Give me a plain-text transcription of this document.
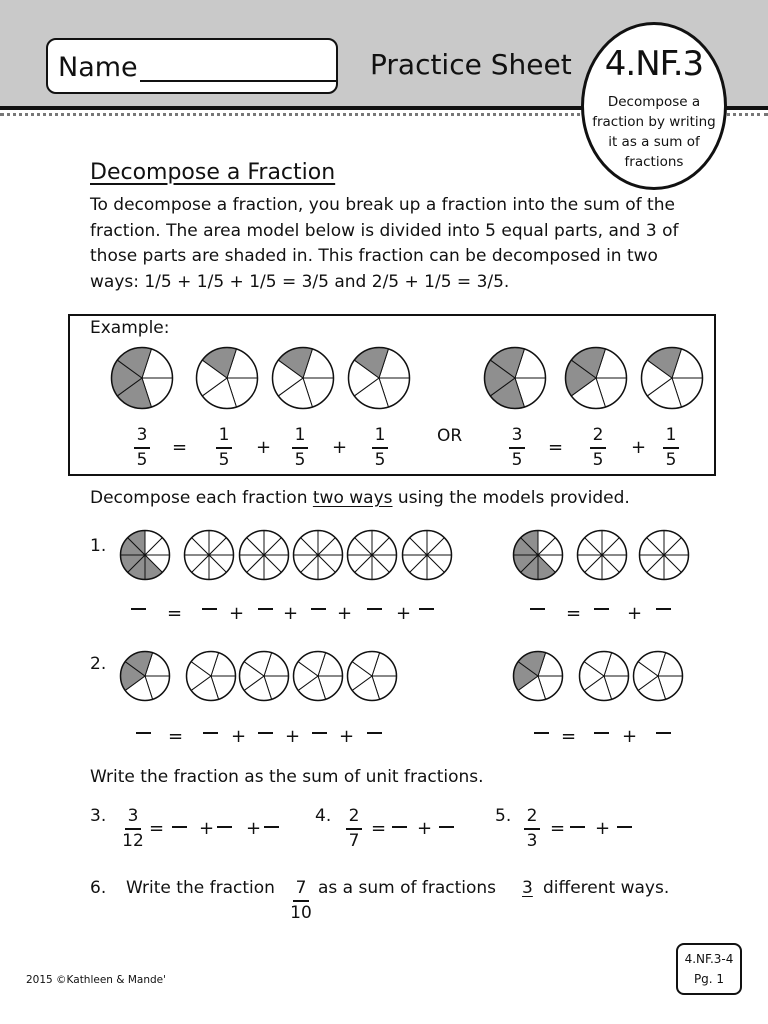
Name	Practice Sheet 4.NF.3
Decompose a fraction by writing it as a sum of fractions
Decompose a Fraction
To decompose a fraction, you break up a fraction into the sum of the fraction. The area model below is divided into 5 equal parts, and 3 of those parts are shaded in. This fraction can be decomposed in two ways: 1/5 + 1/5 + 1/5 = 3/5 and 2/5 + 1/5 = 3/5.
Example:
3
5
=
1
5
+
1
5
+
1
5
OR	3
5
=
2
5
+
1
5
Decompose each fraction two ways using the models provided.
1.
=	+ + + +	=	+
2.
=	+ + +	=	+
Write the fraction as the sum of unit fractions.
3.	3
12
= + +
4.	2
7
= +
5. 2
3
= +
6. Write the fraction	7
10
as a sum of fractions 3 different ways.
2015 ©Kathleen & Mande'
4.NF.3-4
Pg. 1
